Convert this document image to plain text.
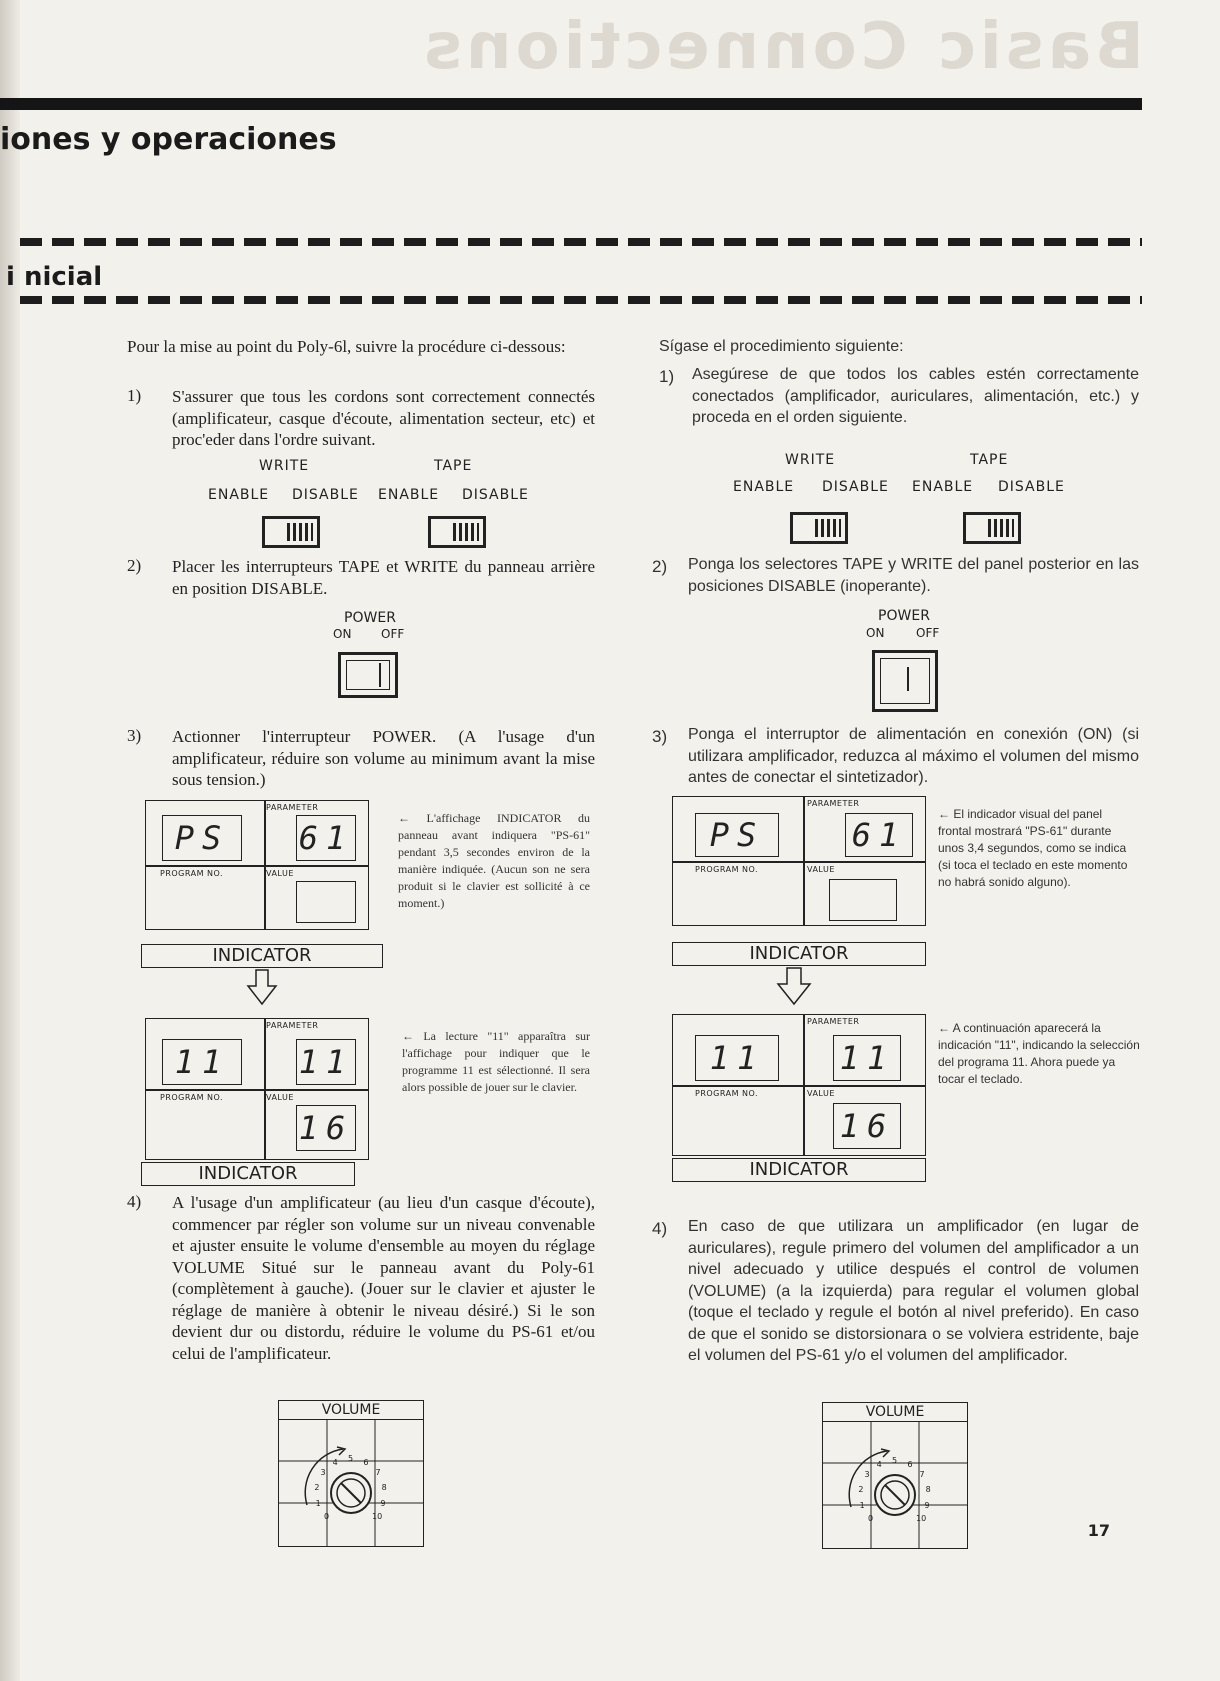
Basic Connections
iones y operaciones
i nicial
Pour la mise au point du Poly-6l, suivre la procédure ci-dessous:
1) S'assurer que tous les cordons sont correctement connectés (amplificateur, casque d'écoute, alimentation secteur, etc) et proc'eder dans l'ordre suivant.
WRITE	TAPE
ENABLE DISABLE ENABLE DISABLE
2) Placer les interrupteurs TAPE et WRITE du panneau arrière en position DISABLE.
POWER
ON OFF
3) Actionner l'interrupteur POWER. (A l'usage d'un amplificateur, réduire son volume au minimum avant la mise sous tension.)
PARAMETER
PS	61
PROGRAM NO.	VALUE
INDICATOR
← L'affichage INDICATOR du panneau avant indiquera "PS-61" pendant 3,5 secondes environ de la manière indiquée. (Aucun son ne sera produit si le clavier est sollicité à ce moment.)
PARAMETER
11	11
PROGRAM NO.	VALUE
16
INDICATOR
← La lecture "11" apparaîtra sur l'affichage pour indiquer que le programme 11 est sélectionné. Il sera alors possible de jouer sur le clavier.
4) A l'usage d'un amplificateur (au lieu d'un casque d'écoute), commencer par régler son volume sur un niveau convenable et ajuster ensuite le volume d'ensemble au moyen du réglage VOLUME Situé sur le panneau avant du Poly-61 (complètement à gauche). (Jouer sur le clavier et ajuster le réglage de manière à obtenir le niveau désiré.) Si le son devient dur ou distordu, réduire le volume du PS-61 et/ou celui de l'amplificateur.
VOLUME
0
1
2
3
4 5 6
7
8
9
10
Sígase el procedimiento siguiente:
1) Asegúrese de que todos los cables estén correctamente conectados (amplificador, auriculares, alimentación, etc.) y proceda en el orden siguiente.
WRITE	TAPE
ENABLE DISABLE ENABLE DISABLE
2) Ponga los selectores TAPE y WRITE del panel posterior en las posiciones DISABLE (inoperante).
POWER
ON	OFF
3) Ponga el interruptor de alimentación en conexión (ON) (si utilizara amplificador, reduzca al máximo el volumen del mismo antes de conectar el sintetizador).
PARAMETER
PS	61
PROGRAM NO.	VALUE
INDICATOR
← El indicador visual del panel frontal mostrará "PS-61" durante unos 3,4 segundos, como se indica (si toca el teclado en este momento no habrá sonido alguno).
PARAMETER
11	11
PROGRAM NO.	VALUE
16
INDICATOR
← A continuación aparecerá la indicación "11", indicando la selección del programa 11. Ahora puede ya tocar el teclado.
4) En caso de que utilizara un amplificador (en lugar de auriculares), regule primero del volumen del amplificador a un nivel adecuado y utilice después el control de volumen (VOLUME) (a la izquierda) para regular el volumen global (toque el teclado y regule el botón al nivel preferido). En caso de que el sonido se distorsionara o se volviera estridente, baje el volumen del PS-61 y/o el volumen del amplificador.
VOLUME
0
1
2
3
4 5 6
7
8
9
10
17
